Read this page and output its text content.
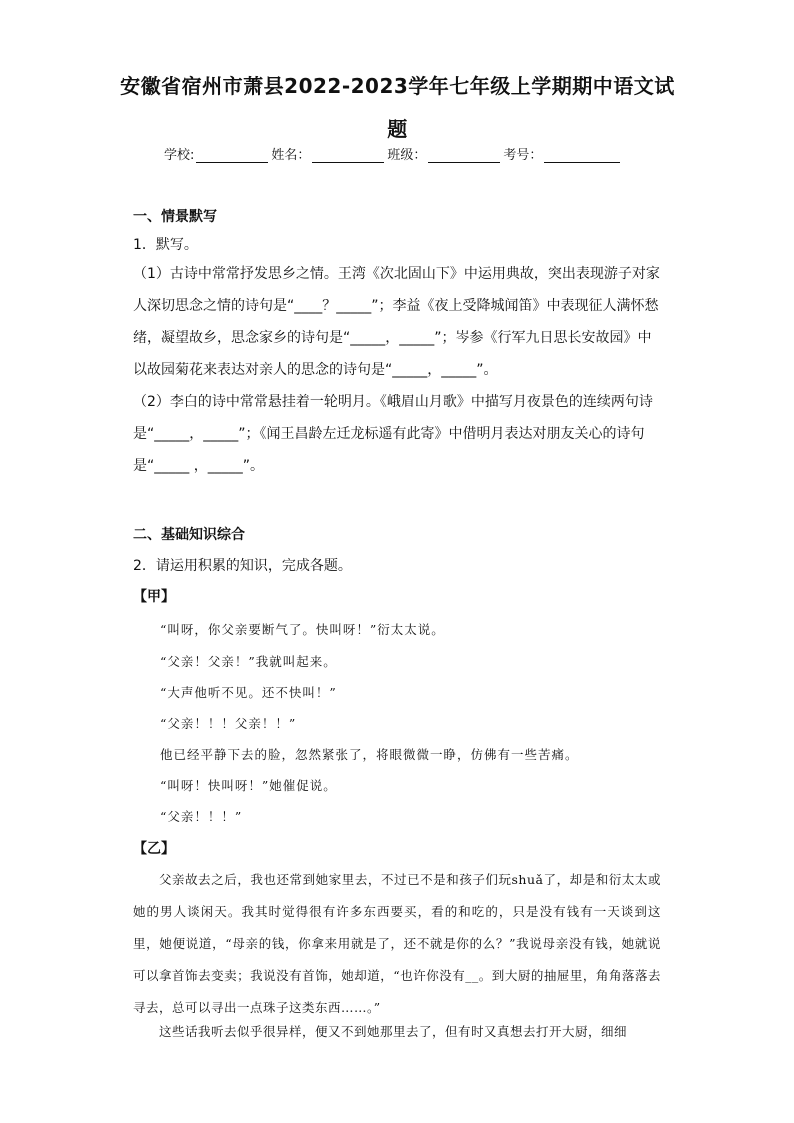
安徽省宿州市萧县2022-2023学年七年级上学期期中语文试
题
学校:	姓名：	班级：	考号：
一、情景默写
1．默写。
（1）古诗中常常抒发思乡之情。王湾《次北固山下》中运用典故，突出表现游子对家人深切思念之情的诗句是“____？_____”；李益《夜上受降城闻笛》中表现征人满怀愁绪，凝望故乡，思念家乡的诗句是“_____，_____”；岑参《行军九日思长安故园》中以故园菊花来表达对亲人的思念的诗句是“_____，_____”。
（2）李白的诗中常常悬挂着一轮明月。《峨眉山月歌》中描写月夜景色的连续两句诗是“_____，_____”；《闻王昌龄左迁龙标遥有此寄》中借明月表达对朋友关心的诗句是“_____ ，_____”。
二、基础知识综合
2．请运用积累的知识，完成各题。
【甲】
“叫呀，你父亲要断气了。快叫呀！”衍太太说。
“父亲！父亲！”我就叫起来。
“大声他听不见。还不快叫！”
“父亲！！！父亲！！”
他已经平静下去的脸，忽然紧张了，将眼微微一睁，仿佛有一些苦痛。
“叫呀！快叫呀！”她催促说。
“父亲！！！”
【乙】
父亲故去之后，我也还常到她家里去，不过已不是和孩子们玩shuǎ了，却是和衍太太或她的男人谈闲天。我其时觉得很有许多东西要买，看的和吃的，只是没有钱有一天谈到这里，她便说道，“母亲的钱，你拿来用就是了，还不就是你的么？”我说母亲没有钱，她就说可以拿首饰去变卖；我说没有首饰，她却道，“也许你没有__。到大厨的抽屉里，角角落落去寻去，总可以寻出一点珠子这类东西……。”
这些话我听去似乎很异样，便又不到她那里去了，但有时又真想去打开大厨，细细
